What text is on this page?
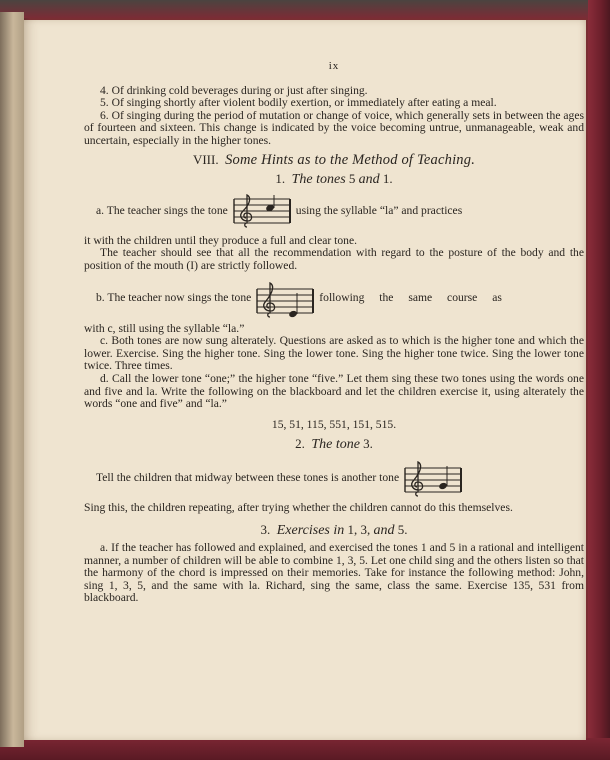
ix

4. Of drinking cold beverages during or just after singing.

5. Of singing shortly after violent bodily exertion, or immediately after eating a meal.

6. Of singing during the period of mutation or change of voice, which generally sets in between the ages of fourteen and sixteen. This change is indicated by the voice becoming untrue, unmanageable, weak and uncertain, especially in the higher tones.

VIII. Some Hints as to the Method of Teaching.
1. The tones 5 and 1.
a. The teacher sings the tone	using the syllable “la” and practices

it with the children until they produce a full and clear tone.

The teacher should see that all the recommendation with regard to the posture of the body and the position of the mouth (I) are strictly followed.

b. The teacher now sings the tone	following the same course as

with c, still using the syllable “la.”

c. Both tones are now sung alterately. Questions are asked as to which is the higher tone and which the lower. Exercise. Sing the higher tone. Sing the lower tone. Sing the higher tone twice. Sing the lower tone twice. Three times.

d. Call the lower tone “one;” the higher tone “five.” Let them sing these two tones using the words one and five and la. Write the following on the blackboard and let the children exercise it, using alterately the words “one and five” and “la.”

15, 51, 115, 551, 151, 515.
2. The tone 3.
Tell the children that midway between these tones is another tone

Sing this, the children repeating, after trying whether the children cannot do this themselves.

3. Exercises in 1, 3, and 5.

a. If the teacher has followed and explained, and exercised the tones 1 and 5 in a rational and intelligent manner, a number of children will be able to combine 1, 3, 5. Let one child sing and the others listen so that the harmony of the chord is impressed on their memories. Take for instance the following method: John, sing 1, 3, 5, and the same with la. Richard, sing the same, class the same. Exercise 135, 531 from blackboard.
